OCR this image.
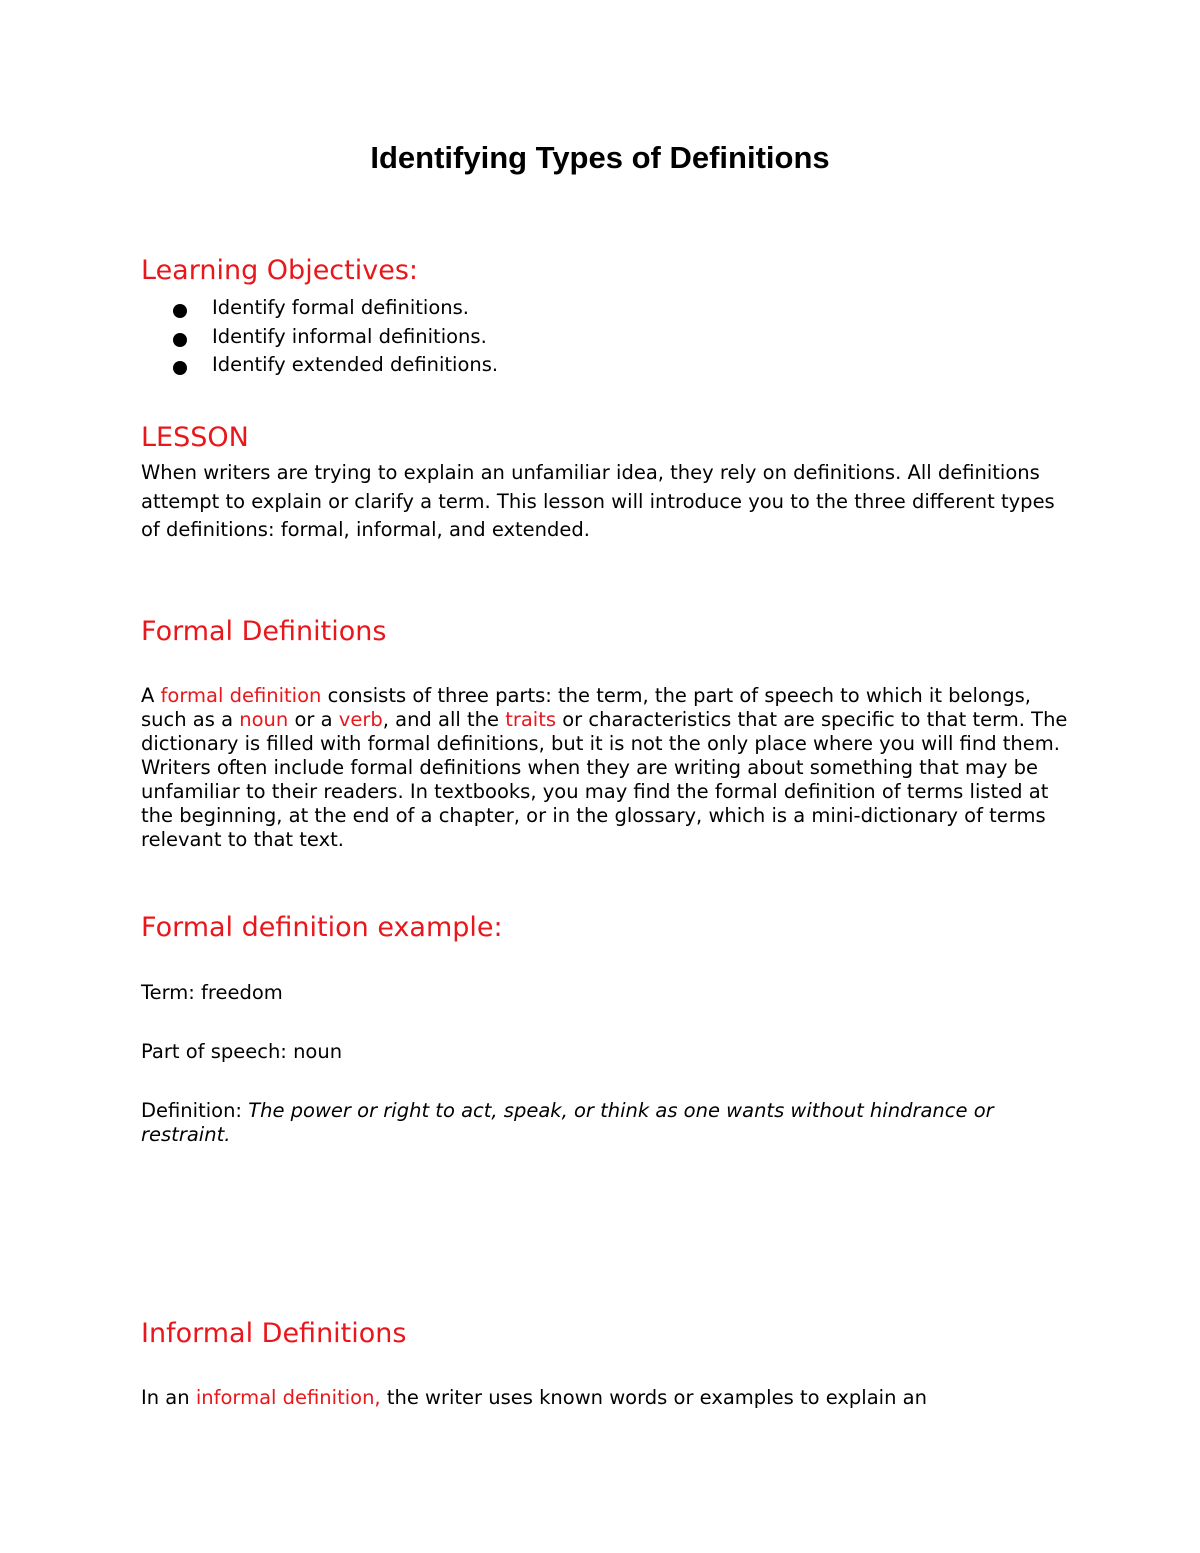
Identifying Types of Definitions
Learning Objectives:
Identify formal definitions.
Identify informal definitions.
Identify extended definitions.
LESSON

When writers are trying to explain an unfamiliar idea, they rely on definitions. All definitions attempt to explain or clarify a term. This lesson will introduce you to the three different types of definitions: formal, informal, and extended.

Formal Definitions

A formal definition consists of three parts: the term, the part of speech to which it belongs, such as a noun or a verb, and all the traits or characteristics that are specific to that term. The dictionary is filled with formal definitions, but it is not the only place where you will find them. Writers often include formal definitions when they are writing about something that may be unfamiliar to their readers. In textbooks, you may find the formal definition of terms listed at the beginning, at the end of a chapter, or in the glossary, which is a mini-dictionary of terms relevant to that text.

Formal definition example:
Term: freedom
Part of speech: noun
Definition: The power or right to act, speak, or think as one wants without hindrance or restraint.
Informal Definitions

In an informal definition, the writer uses known words or examples to explain an
